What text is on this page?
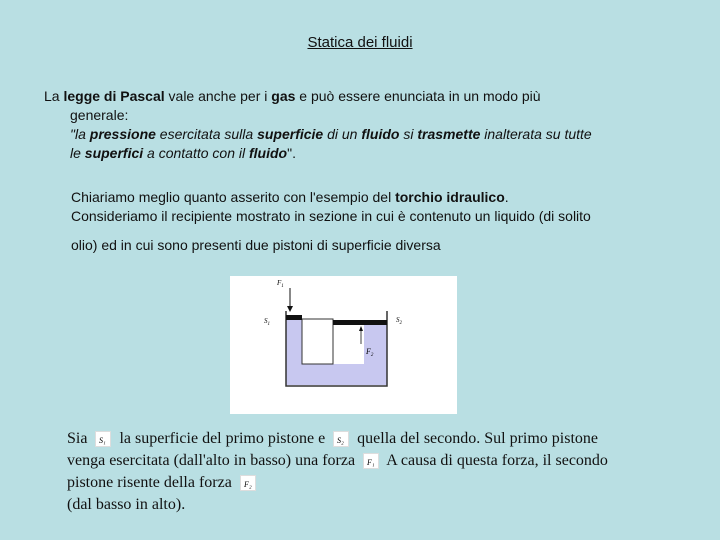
Statica dei fluidi
La legge di Pascal vale anche per i gas e può essere enunciata in un modo più
generale:
"la pressione esercitata sulla superficie di un fluido si trasmette inalterata su tutte
le superfici a contatto con il fluido".
Chiariamo meglio quanto asserito con l'esempio del torchio idraulico.
Consideriamo il recipiente mostrato in sezione in cui è contenuto un liquido (di solito
olio) ed in cui sono presenti due pistoni di superficie diversa
$F_1$
$S_1$
$S_2$
$F_2$
Sia S₁ la superficie del primo pistone e S₂ quella del secondo. Sul primo pistone
venga esercitata (dall'alto in basso) una forza F₁ A causa di questa forza, il secondo
pistone risente della forza F₂

(dal basso in alto).
